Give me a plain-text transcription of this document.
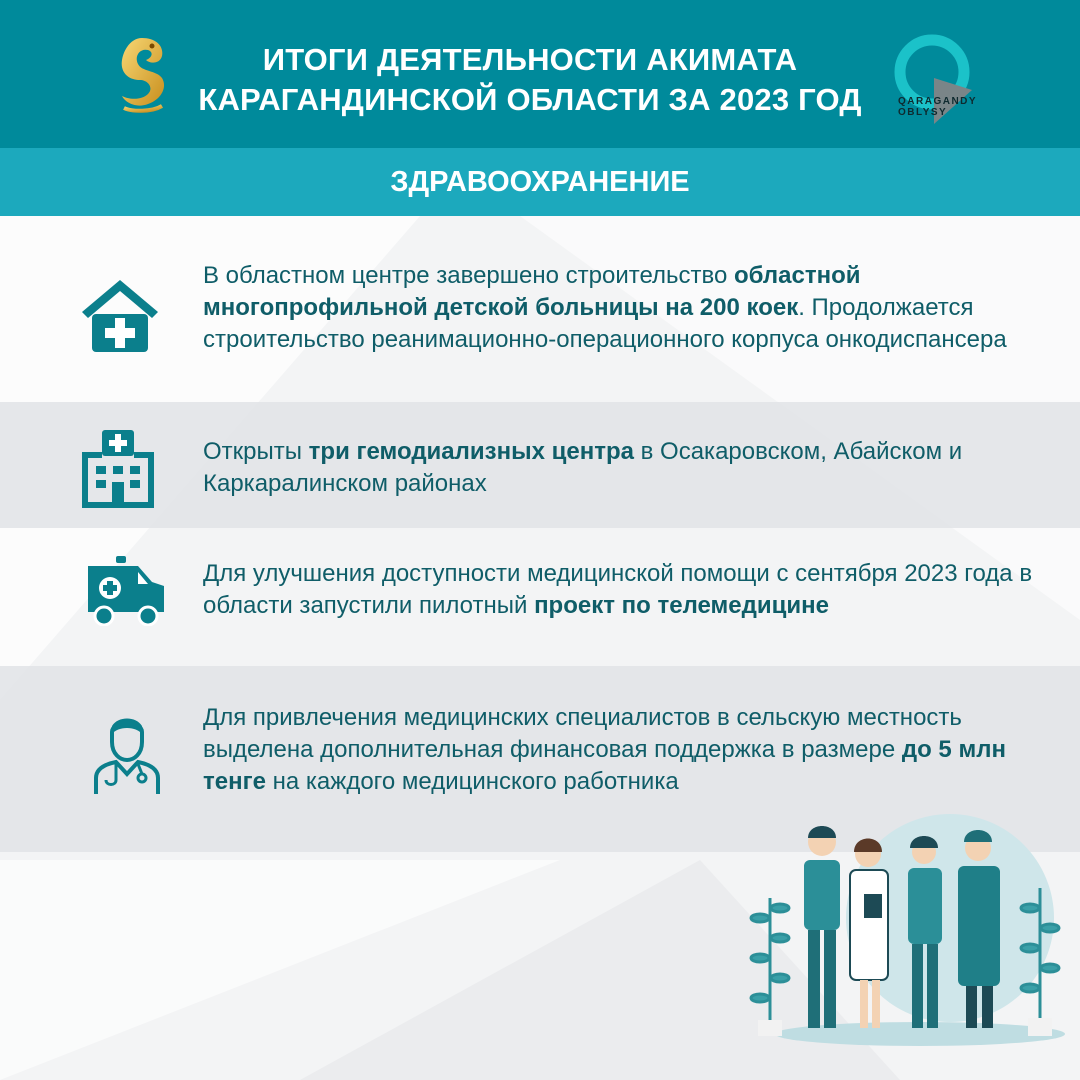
ИТОГИ ДЕЯТЕЛЬНОСТИ АКИМАТА
КАРАГАНДИНСКОЙ ОБЛАСТИ ЗА 2023 ГОД	QARAGANDY
OBLYSY
ЗДРАВООХРАНЕНИЕ
В областном центре завершено строительство областной многопрофильной детской больницы на 200 коек. Продолжается строительство реанимационно-операционного корпуса онкодиспансера
Открыты три гемодиализных центра в Осакаровском, Абайском и Каркаралинском районах
Для улучшения доступности медицинской помощи с сентября 2023 года в области запустили пилотный проект по телемедицине
Для привлечения медицинских специалистов в сельскую местность выделена дополнительная финансовая поддержка в размере до 5 млн тенге на каждого медицинского работника
